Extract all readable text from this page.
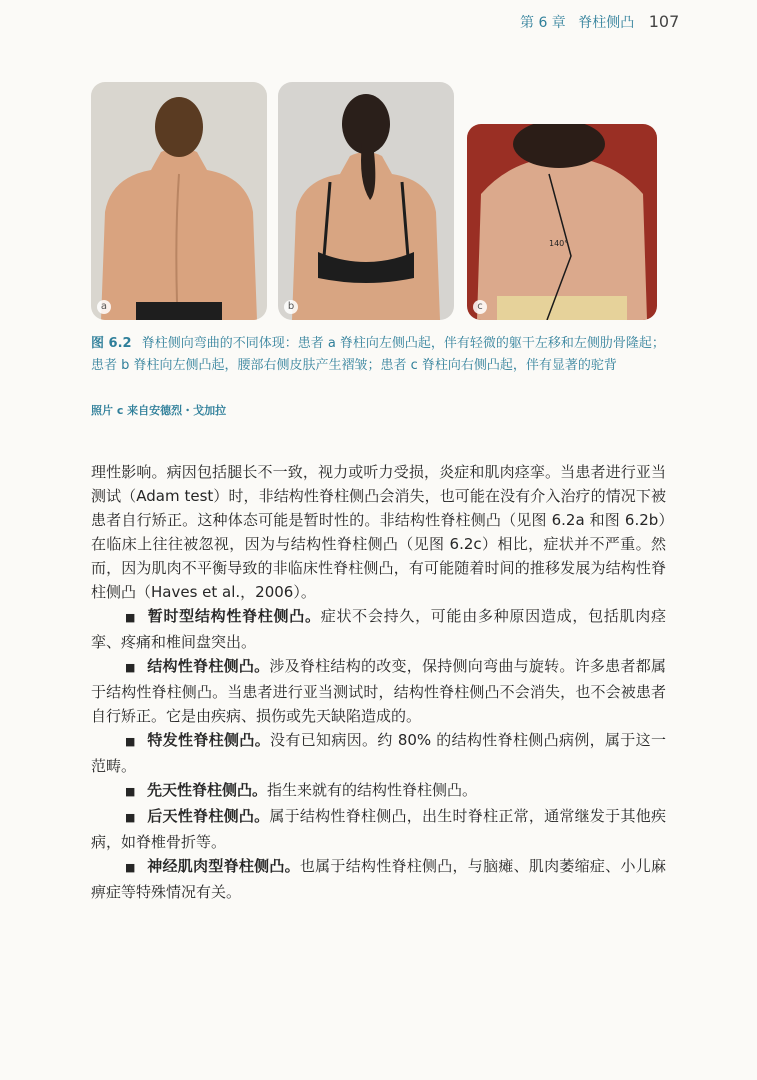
第 6 章 脊柱侧凸 107
a	b
140°
c
图 6.2 脊柱侧向弯曲的不同体现：患者 a 脊柱向左侧凸起，伴有轻微的躯干左移和左侧肋骨隆起；患者 b 脊柱向左侧凸起，腰部右侧皮肤产生褶皱；患者 c 脊柱向右侧凸起，伴有显著的驼背
照片 c 来自安德烈・戈加拉

理性影响。病因包括腿长不一致，视力或听力受损，炎症和肌肉痉挛。当患者进行亚当测试（Adam test）时，非结构性脊柱侧凸会消失，也可能在没有介入治疗的情况下被患者自行矫正。这种体态可能是暂时性的。非结构性脊柱侧凸（见图 6.2a 和图 6.2b）在临床上往往被忽视，因为与结构性脊柱侧凸（见图 6.2c）相比，症状并不严重。然而，因为肌肉不平衡导致的非临床性脊柱侧凸，有可能随着时间的推移发展为结构性脊柱侧凸（Haves et al.，2006）。

■ 暂时型结构性脊柱侧凸。症状不会持久，可能由多种原因造成，包括肌肉痉挛、疼痛和椎间盘突出。

■ 结构性脊柱侧凸。涉及脊柱结构的改变，保持侧向弯曲与旋转。许多患者都属于结构性脊柱侧凸。当患者进行亚当测试时，结构性脊柱侧凸不会消失，也不会被患者自行矫正。它是由疾病、损伤或先天缺陷造成的。

■ 特发性脊柱侧凸。没有已知病因。约 80% 的结构性脊柱侧凸病例，属于这一范畴。

■ 先天性脊柱侧凸。指生来就有的结构性脊柱侧凸。

■ 后天性脊柱侧凸。属于结构性脊柱侧凸，出生时脊柱正常，通常继发于其他疾病，如脊椎骨折等。

■ 神经肌肉型脊柱侧凸。也属于结构性脊柱侧凸，与脑瘫、肌肉萎缩症、小儿麻痹症等特殊情况有关。
